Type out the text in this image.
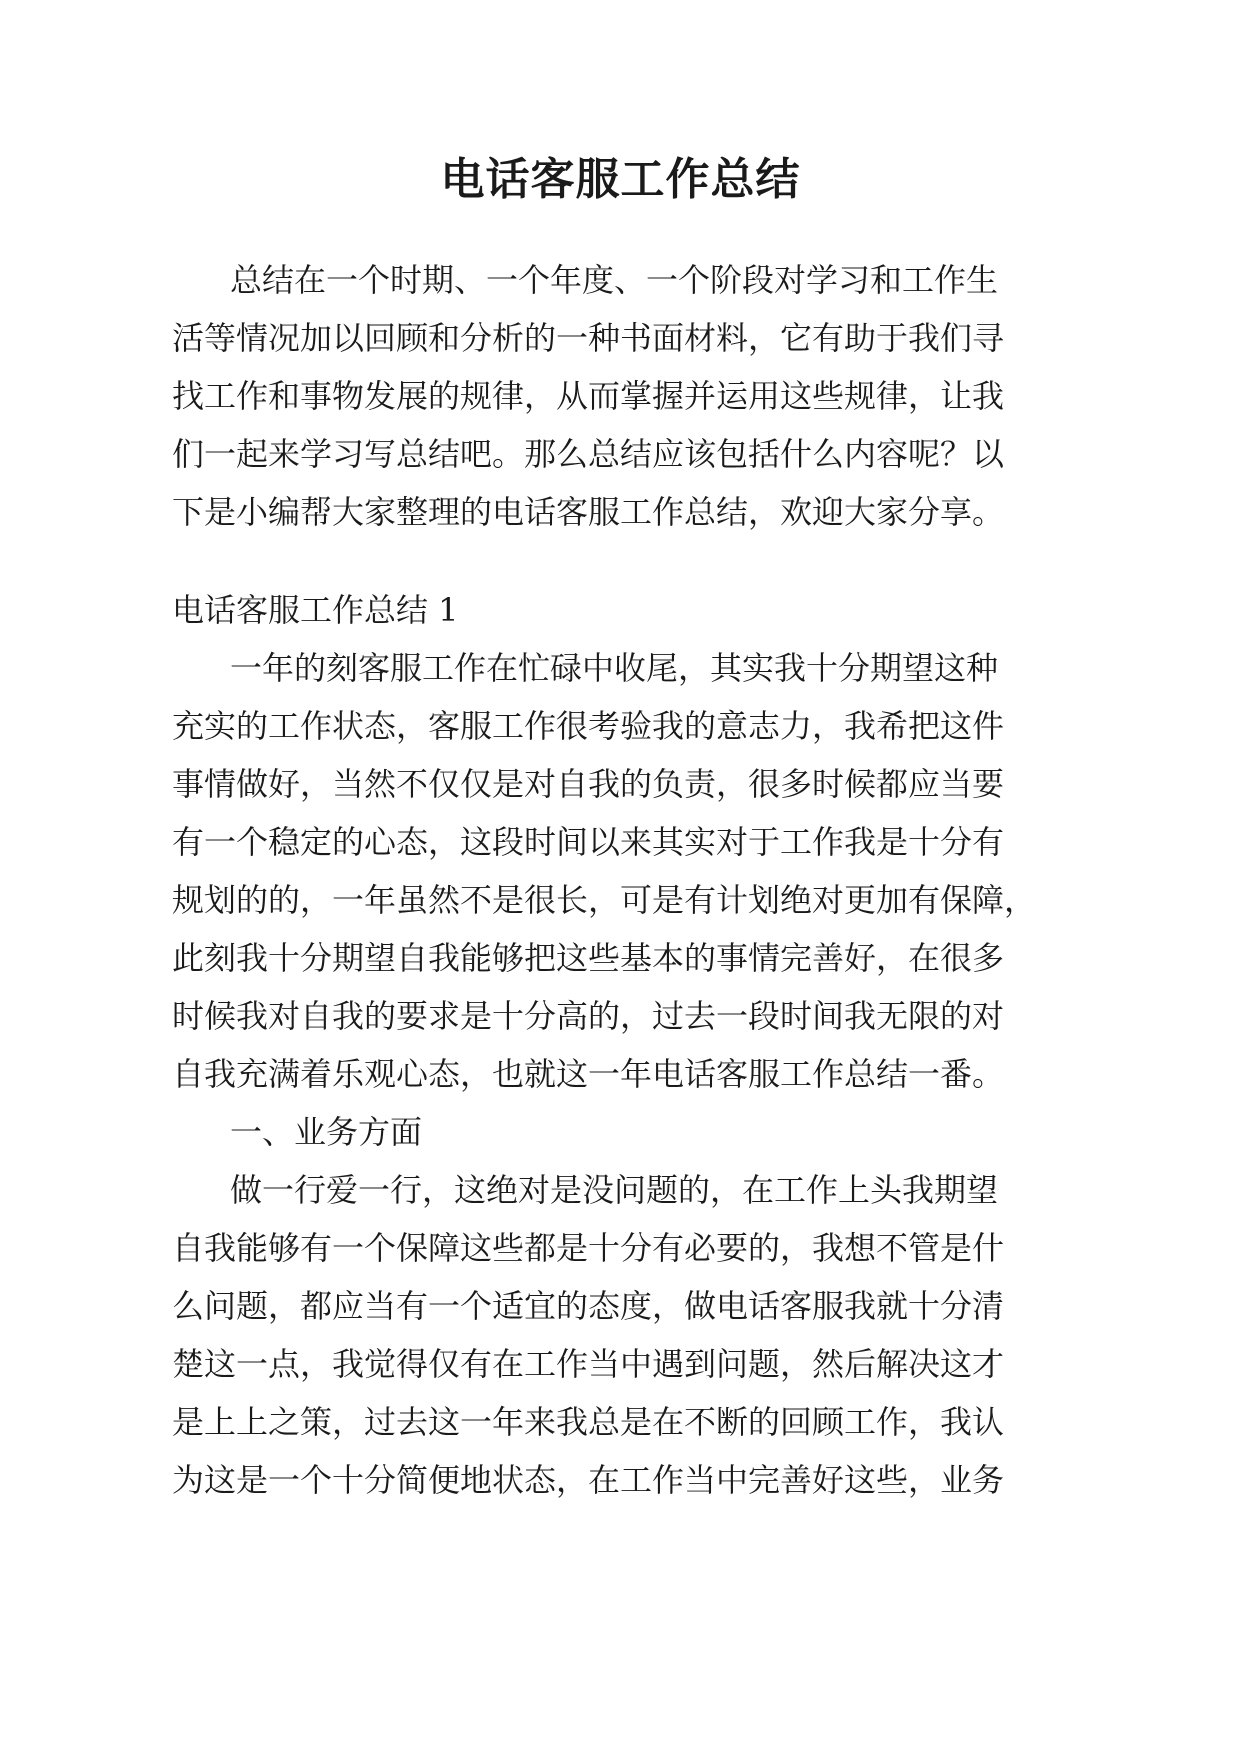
电话客服工作总结

总结在一个时期、一个年度、一个阶段对学习和工作生

活等情况加以回顾和分析的一种书面材料，它有助于我们寻

找工作和事物发展的规律，从而掌握并运用这些规律，让我

们一起来学习写总结吧。那么总结应该包括什么内容呢？以

下是小编帮大家整理的电话客服工作总结，欢迎大家分享。

电话客服工作总结 1

一年的刻客服工作在忙碌中收尾，其实我十分期望这种

充实的工作状态，客服工作很考验我的意志力，我希把这件

事情做好，当然不仅仅是对自我的负责，很多时候都应当要

有一个稳定的心态，这段时间以来其实对于工作我是十分有

规划的的，一年虽然不是很长，可是有计划绝对更加有保障，

此刻我十分期望自我能够把这些基本的事情完善好，在很多

时候我对自我的要求是十分高的，过去一段时间我无限的对

自我充满着乐观心态，也就这一年电话客服工作总结一番。

一、业务方面

做一行爱一行，这绝对是没问题的，在工作上头我期望

自我能够有一个保障这些都是十分有必要的，我想不管是什

么问题，都应当有一个适宜的态度，做电话客服我就十分清

楚这一点，我觉得仅有在工作当中遇到问题，然后解决这才

是上上之策，过去这一年来我总是在不断的回顾工作，我认

为这是一个十分简便地状态，在工作当中完善好这些，业务
